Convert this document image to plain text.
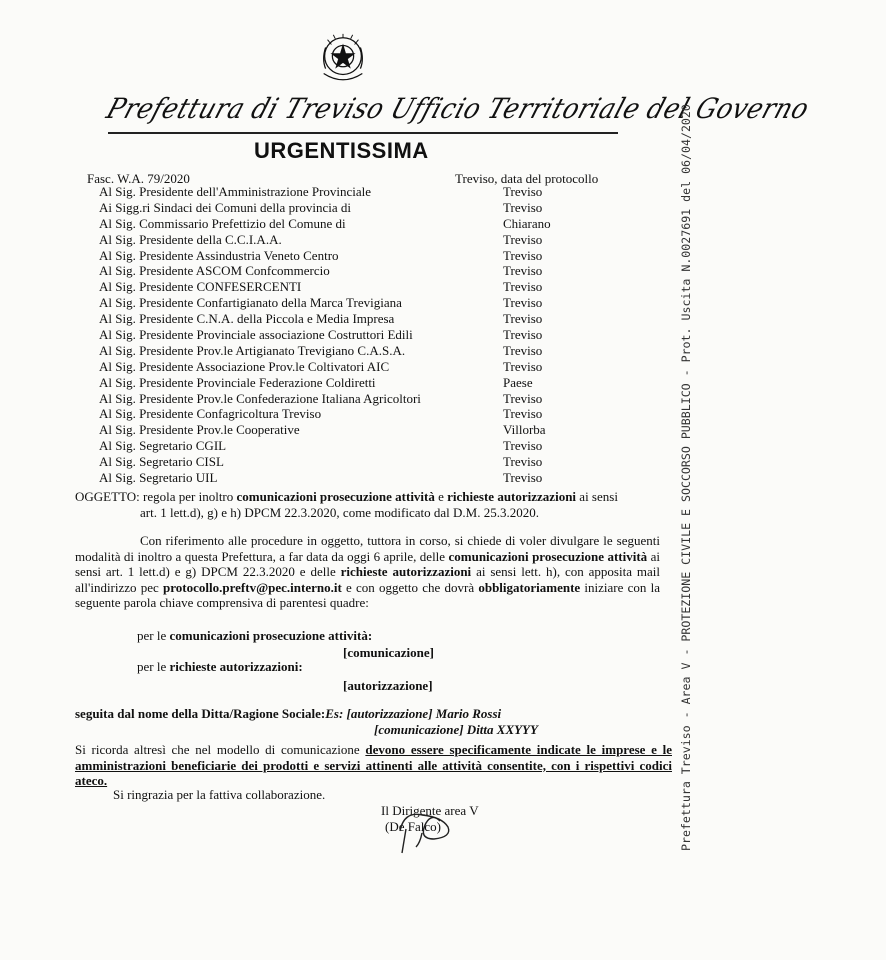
Prefettura di Treviso Ufficio Territoriale del Governo
URGENTISSIMA	Prefettura Treviso - Area V - PROTEZIONE CIVILE E SOCCORSO PUBBLICO - Prot. Uscita N.0027691 del 06/04/2020
Fasc. W.A. 79/2020	Treviso, data del protocollo
Al Sig. Presidente dell'Amministrazione Provinciale	Treviso
Ai Sigg.ri Sindaci dei Comuni della provincia di	Treviso
Al Sig. Commissario Prefettizio del Comune di	Chiarano
Al Sig. Presidente della C.C.I.A.A.	Treviso
Al Sig. Presidente Assindustria Veneto Centro	Treviso
Al Sig. Presidente ASCOM Confcommercio	Treviso
Al Sig. Presidente CONFESERCENTI	Treviso
Al Sig. Presidente Confartigianato della Marca Trevigiana	Treviso
Al Sig. Presidente C.N.A. della Piccola e Media Impresa	Treviso
Al Sig. Presidente Provinciale associazione Costruttori Edili	Treviso
Al Sig. Presidente Prov.le Artigianato Trevigiano C.A.S.A.	Treviso
Al Sig. Presidente Associazione Prov.le Coltivatori AIC	Treviso
Al Sig. Presidente Provinciale Federazione Coldiretti	Paese
Al Sig. Presidente Prov.le Confederazione Italiana Agricoltori	Treviso
Al Sig. Presidente Confagricoltura Treviso	Treviso
Al Sig. Presidente Prov.le Cooperative	Villorba
Al Sig. Segretario CGIL	Treviso
Al Sig. Segretario CISL	Treviso
Al Sig. Segretario UIL	Treviso
OGGETTO: regola per inoltro comunicazioni prosecuzione attività e richieste autorizzazioni ai sensi
art. 1 lett.d), g) e h) DPCM 22.3.2020, come modificato dal D.M. 25.3.2020.
Con riferimento alle procedure in oggetto, tuttora in corso, si chiede di voler divulgare le seguenti modalità di inoltro a questa Prefettura, a far data da oggi 6 aprile, delle comunicazioni prosecuzione attività ai sensi art. 1 lett.d) e g) DPCM 22.3.2020 e delle richieste autorizzazioni ai sensi lett. h), con apposita mail all'indirizzo pec protocollo.preftv@pec.interno.it e con oggetto che dovrà obbligatoriamente iniziare con la seguente parola chiave comprensiva di parentesi quadre:
per le comunicazioni prosecuzione attività:
[comunicazione]
per le richieste autorizzazioni:
[autorizzazione]
seguita dal nome della Ditta/Ragione Sociale:Es: [autorizzazione] Mario Rossi
[comunicazione] Ditta XXYYY
Si ricorda altresì che nel modello di comunicazione devono essere specificamente indicate le imprese e le amministrazioni beneficiarie dei prodotti e servizi attinenti alle attività consentite, con i rispettivi codici ateco.
Si ringrazia per la fattiva collaborazione.
Il Dirigente area V
(De Falco)
